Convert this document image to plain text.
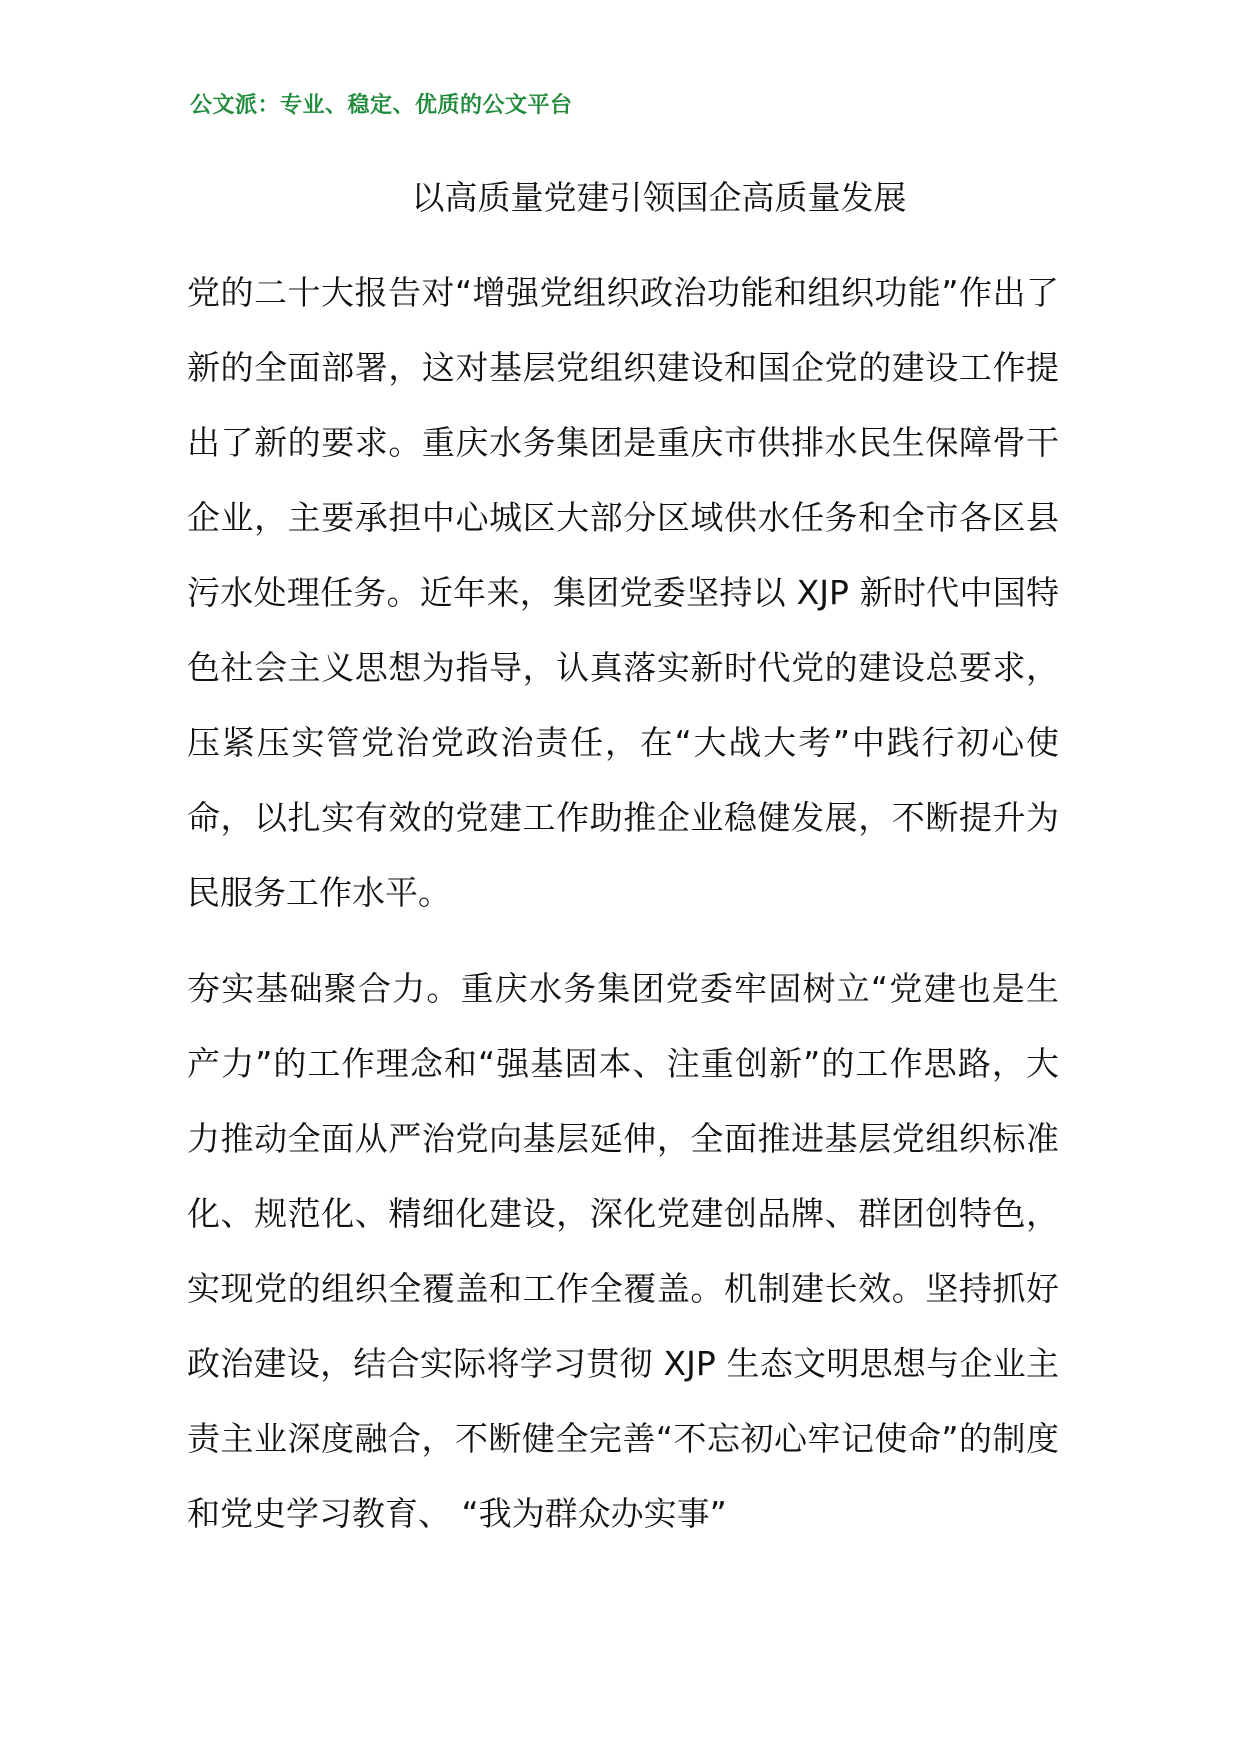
公文派：专业、稳定、优质的公文平台
以高质量党建引领国企高质量发展

党的二十大报告对“增强党组织政治功能和组织功能”作出了新的全面部署，这对基层党组织建设和国企党的建设工作提出了新的要求。重庆水务集团是重庆市供排水民生保障骨干企业，主要承担中心城区大部分区域供水任务和全市各区县污水处理任务。近年来，集团党委坚持以 XJP 新时代中国特色社会主义思想为指导，认真落实新时代党的建设总要求，压紧压实管党治党政治责任，在“大战大考”中践行初心使命，以扎实有效的党建工作助推企业稳健发展，不断提升为民服务工作水平。

夯实基础聚合力。重庆水务集团党委牢固树立“党建也是生产力”的工作理念和“强基固本、注重创新”的工作思路，大力推动全面从严治党向基层延伸，全面推进基层党组织标准化、规范化、精细化建设，深化党建创品牌、群团创特色，实现党的组织全覆盖和工作全覆盖。机制建长效。坚持抓好政治建设，结合实际将学习贯彻 XJP 生态文明思想与企业主责主业深度融合，不断健全完善“不忘初心牢记使命”的制度和党史学习教育、 “我为群众办实事”
